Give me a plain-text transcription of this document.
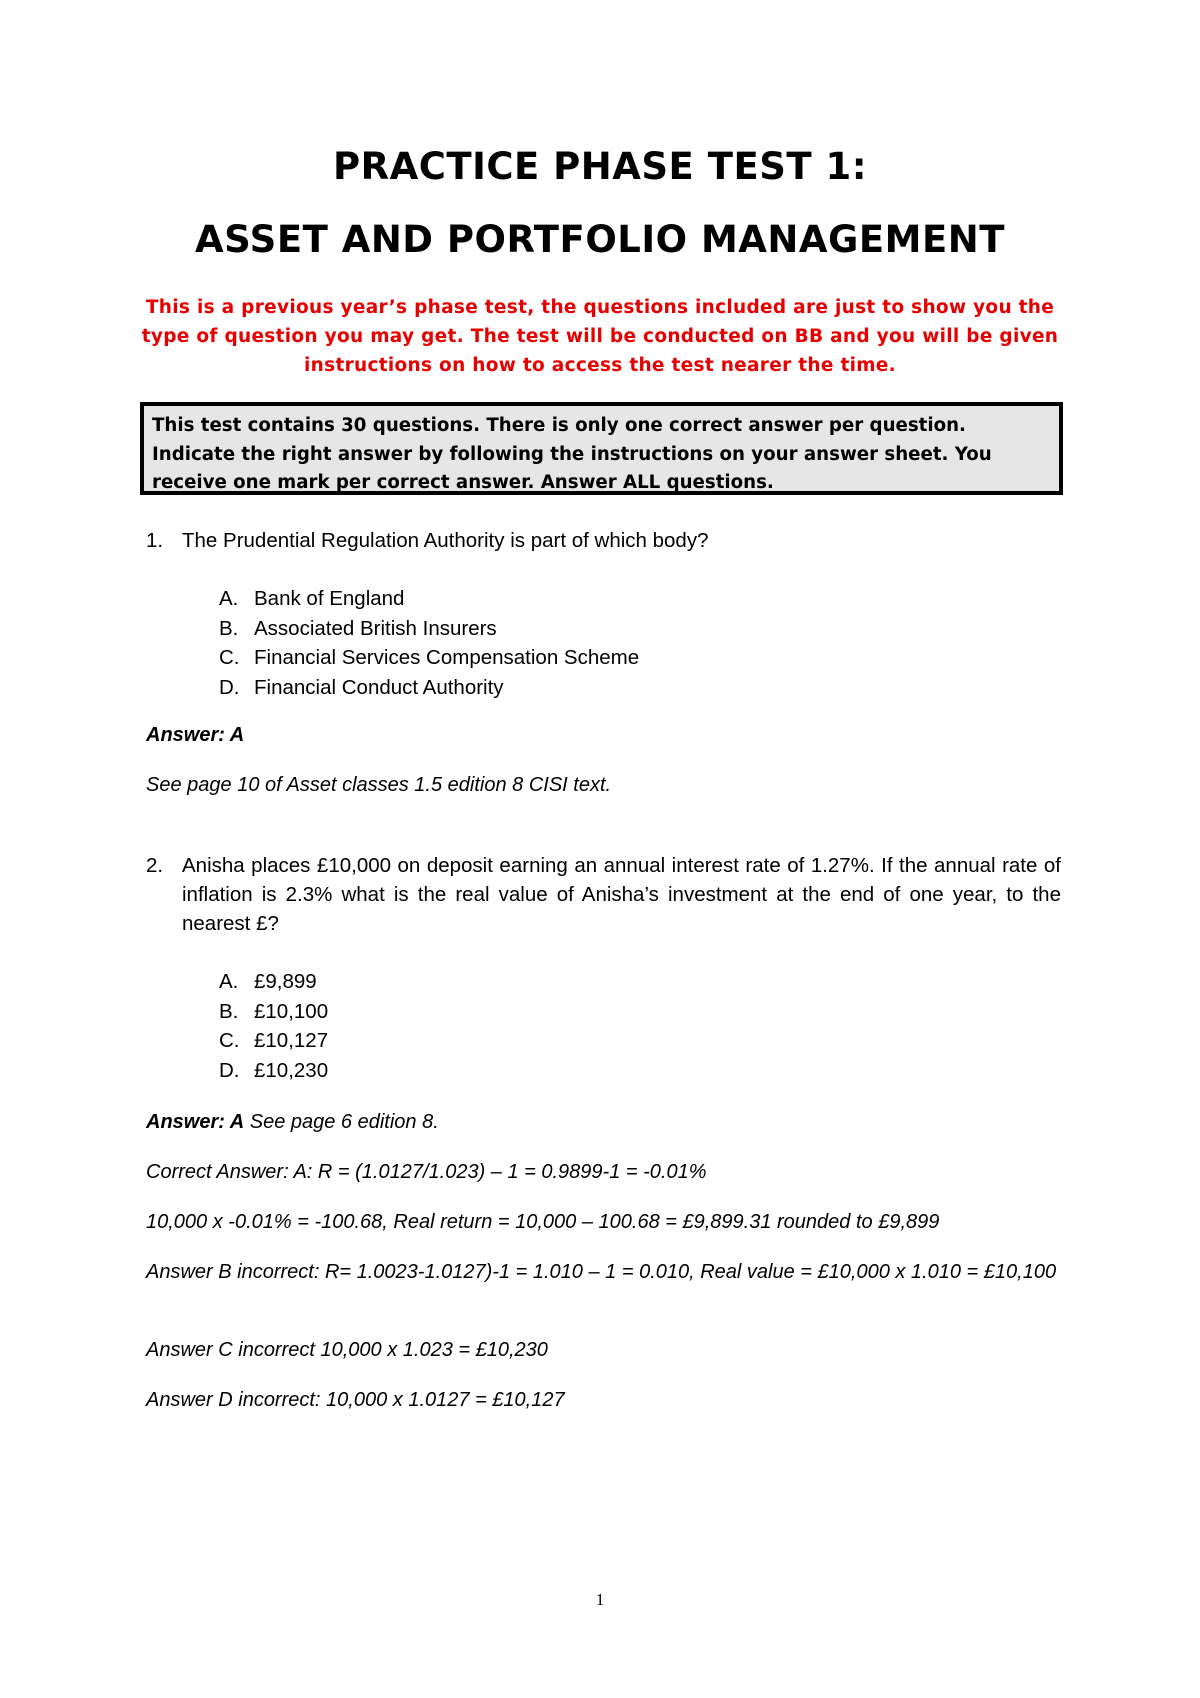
PRACTICE PHASE TEST 1:
ASSET AND PORTFOLIO MANAGEMENT
This is a previous year’s phase test, the questions included are just to show you the type of question you may get. The test will be conducted on BB and you will be given instructions on how to access the test nearer the time.
This test contains 30 questions. There is only one correct answer per question. Indicate the right answer by following the instructions on your answer sheet. You receive one mark per correct answer. Answer ALL questions.
1. The Prudential Regulation Authority is part of which body?
A. Bank of England
B. Associated British Insurers
C. Financial Services Compensation Scheme
D. Financial Conduct Authority
Answer: A
See page 10 of Asset classes 1.5 edition 8 CISI text.
2. Anisha places £10,000 on deposit earning an annual interest rate of 1.27%. If the annual rate of inflation is 2.3% what is the real value of Anisha’s investment at the end of one year, to the nearest £?
A. £9,899
B. £10,100
C. £10,127
D. £10,230
Answer: A See page 6 edition 8.
Correct Answer: A: R = (1.0127/1.023) – 1 = 0.9899-1 = -0.01%
10,000 x -0.01% = -100.68, Real return = 10,000 – 100.68 = £9,899.31 rounded to £9,899
Answer B incorrect: R= 1.0023-1.0127)-1 = 1.010 – 1 = 0.010, Real value = £10,000 x 1.010 = £10,100
Answer C incorrect 10,000 x 1.023 = £10,230
Answer D incorrect: 10,000 x 1.0127 = £10,127
1
